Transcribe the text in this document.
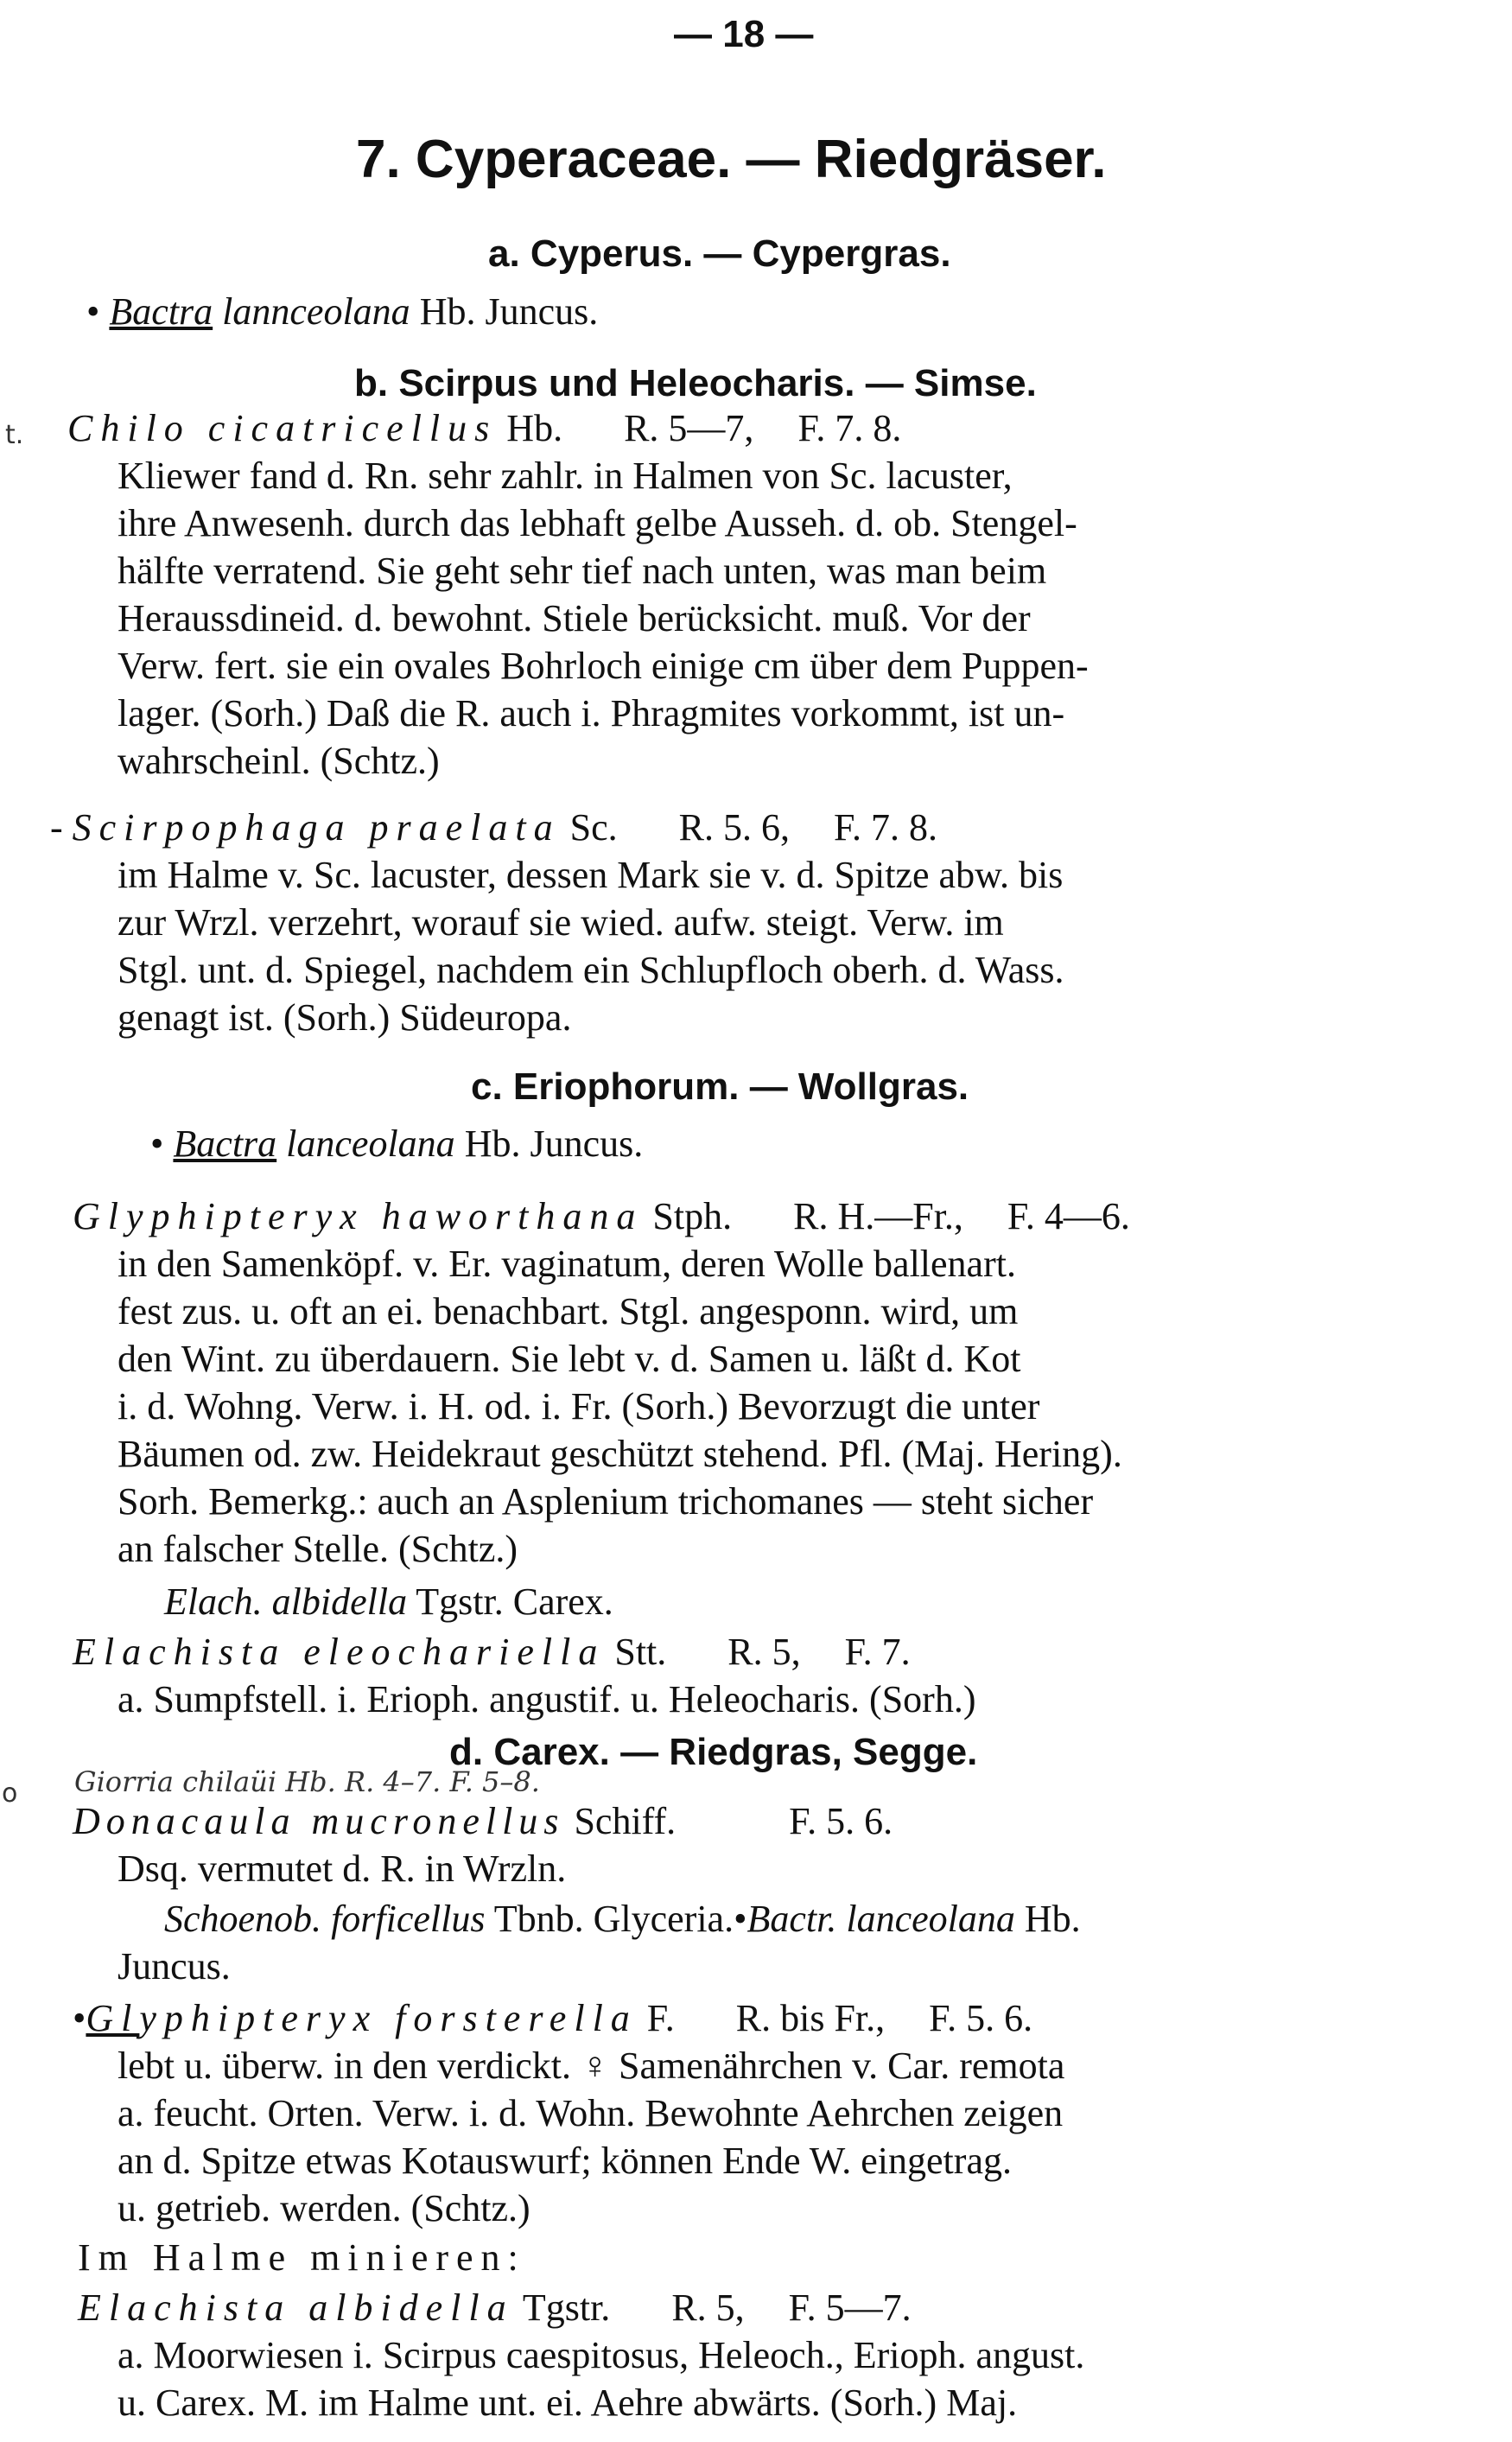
— 18 —
7. Cyperaceae. — Riedgräser.
a. Cyperus. — Cypergras.
• Bactra lannceolana Hb. Juncus.
b. Scirpus und Heleocharis. — Simse.
t. Chilo cicatricellus Hb. R. 5—7, F. 7. 8.
Kliewer fand d. Rn. sehr zahlr. in Halmen von Sc. lacuster,
ihre Anwesenh. durch das lebhaft gelbe Ausseh. d. ob. Stengel-
hälfte verratend. Sie geht sehr tief nach unten, was man beim
Heraussdineid. d. bewohnt. Stiele berücksicht. muß. Vor der
Verw. fert. sie ein ovales Bohrloch einige cm über dem Puppen-
lager. (Sorh.) Daß die R. auch i. Phragmites vorkommt, ist un-
wahrscheinl. (Schtz.)
- Scirpophaga praelata Sc. R. 5. 6, F. 7. 8.
im Halme v. Sc. lacuster, dessen Mark sie v. d. Spitze abw. bis
zur Wrzl. verzehrt, worauf sie wied. aufw. steigt. Verw. im
Stgl. unt. d. Spiegel, nachdem ein Schlupfloch oberh. d. Wass.
genagt ist. (Sorh.) Südeuropa.
c. Eriophorum. — Wollgras.
• Bactra lanceolana Hb. Juncus.
Glyphipteryx haworthana Stph. R. H.—Fr., F. 4—6.
in den Samenköpf. v. Er. vaginatum, deren Wolle ballenart.
fest zus. u. oft an ei. benachbart. Stgl. angesponn. wird, um
den Wint. zu überdauern. Sie lebt v. d. Samen u. läßt d. Kot
i. d. Wohng. Verw. i. H. od. i. Fr. (Sorh.) Bevorzugt die unter
Bäumen od. zw. Heidekraut geschützt stehend. Pfl. (Maj. Hering).
Sorh. Bemerkg.: auch an Asplenium trichomanes — steht sicher
an falscher Stelle. (Schtz.)
Elach. albidella Tgstr. Carex.
Elachista eleochariella Stt. R. 5, F. 7.
a. Sumpfstell. i. Erioph. angustif. u. Heleocharis. (Sorh.)
o Giorria chilaüi Hb. R. 4–7. F. 5–8.
d. Carex. — Riedgras, Segge.
Donacaula mucronellus Schiff.	F. 5. 6.
Dsq. vermutet d. R. in Wrzln.
Schoenob. forficellus Tbnb. Glyceria.•Bactr. lanceolana Hb.
Juncus.
•Glyphipteryx forsterella F. R. bis Fr., F. 5. 6.
lebt u. überw. in den verdickt. ♀ Samenährchen v. Car. remota
a. feucht. Orten. Verw. i. d. Wohn. Bewohnte Aehrchen zeigen
an d. Spitze etwas Kotauswurf; können Ende W. eingetrag.
u. getrieb. werden. (Schtz.)
Im Halme minieren:
Elachista albidella Tgstr. R. 5, F. 5—7.
a. Moorwiesen i. Scirpus caespitosus, Heleoch., Erioph. angust.
u. Carex. M. im Halme unt. ei. Aehre abwärts. (Sorh.) Maj.
